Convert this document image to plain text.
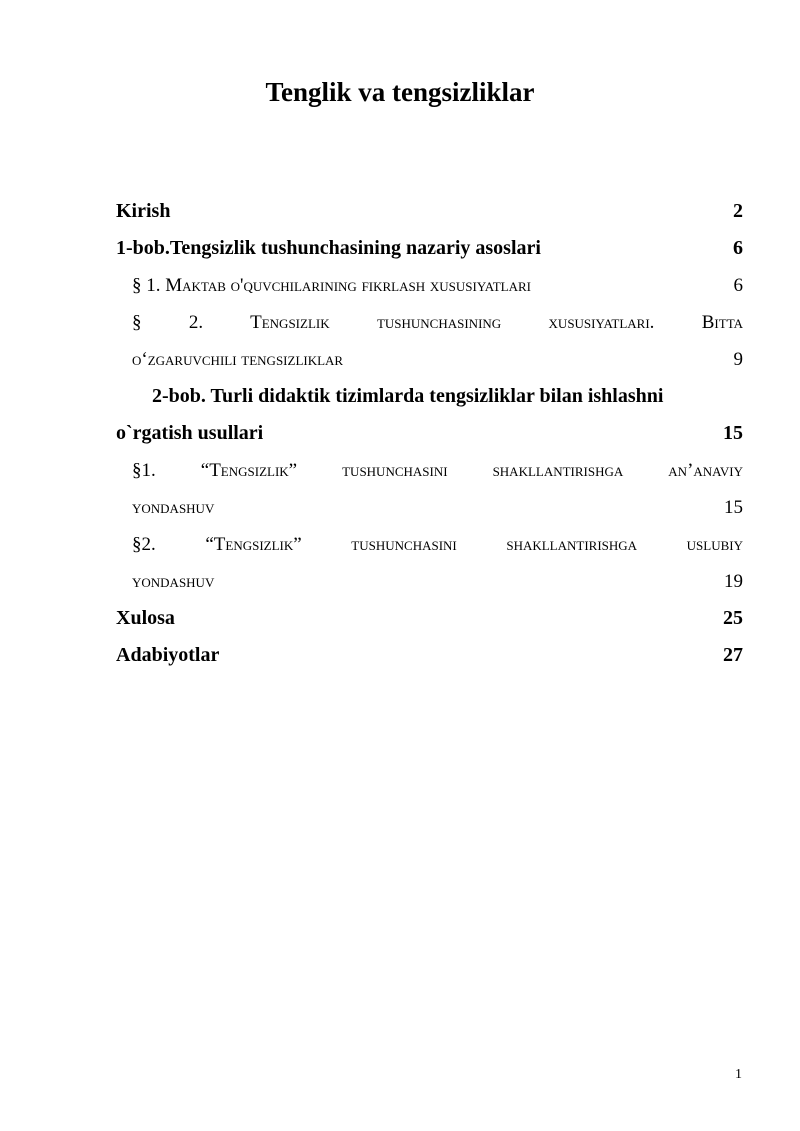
Tenglik va tengsizliklar
Kirish	2
1-bob.Tengsizlik tushunchasining nazariy asoslari	6
§ 1. Maktab o'quvchilarining fikrlash xususiyatlari	6
§ 2. Tengsizlik tushunchasining xususiyatlari. Bitta
o‘zgaruvchili tengsizliklar	9
2-bob. Turli didaktik tizimlarda tengsizliklar bilan ishlashni
o`rgatish usullari	15
§1. “Tengsizlik” tushunchasini shakllantirishga an’anaviy
yondashuv	15
§2. “Tengsizlik” tushunchasini shakllantirishga uslubiy
yondashuv	19
Xulosa	25
Adabiyotlar	27
1
